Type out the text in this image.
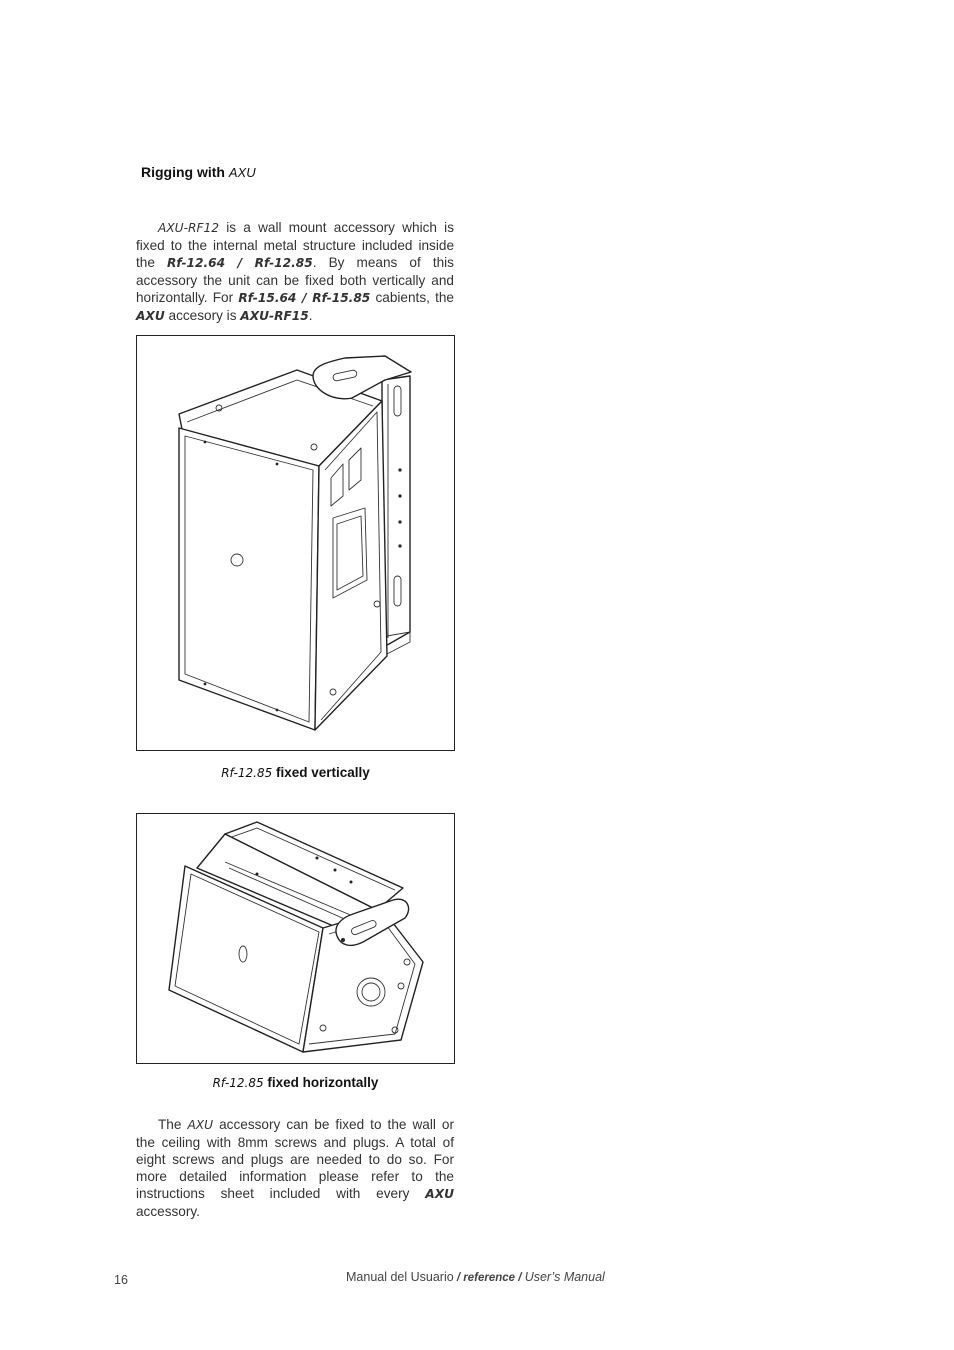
Rigging with AXU
AXU-RF12 is a wall mount accessory which is fixed to the internal metal structure included inside the Rf-12.64 / Rf-12.85. By means of this accessory the unit can be fixed both vertically and horizontally. For Rf-15.64 / Rf-15.85 cabients, the AXU accesory is AXU-RF15.
Rf-12.85 fixed vertically
Rf-12.85 fixed horizontally
The AXU accessory can be fixed to the wall or the ceiling with 8mm screws and plugs. A total of eight screws and plugs are needed to do so. For more detailed information please refer to the instructions sheet included with every AXU accessory.
16	Manual del Usuario / reference / User’s Manual
